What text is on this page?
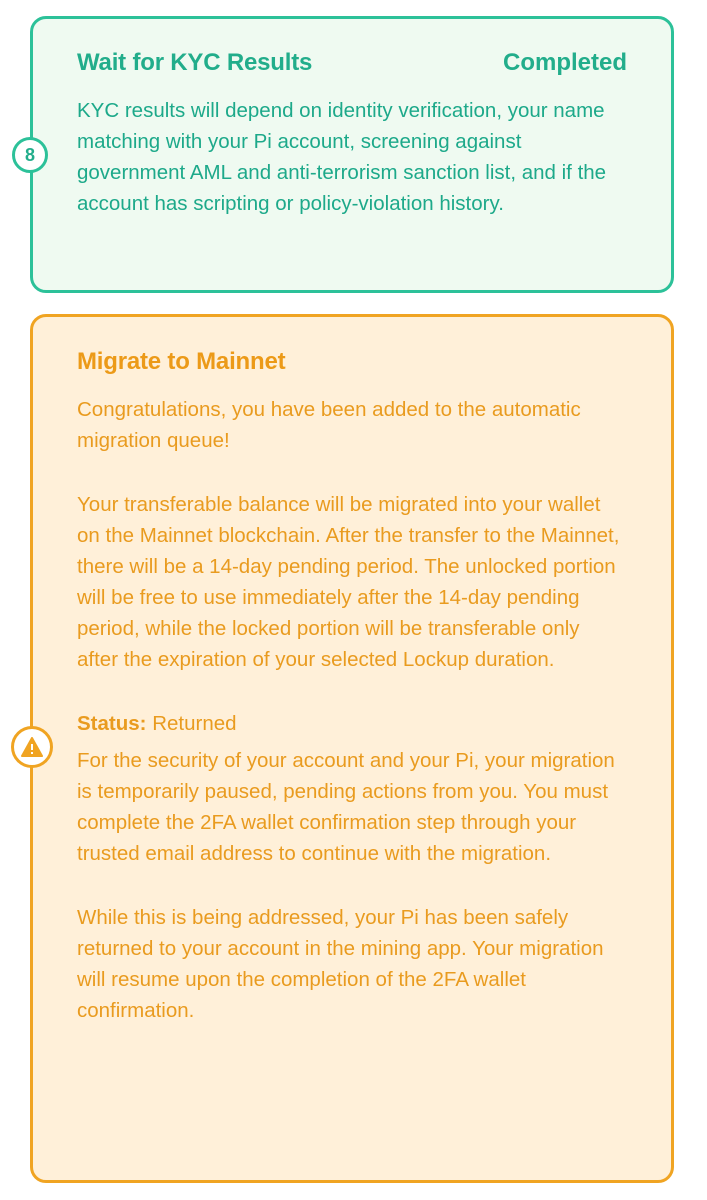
Wait for KYC Results	Completed

KYC results will depend on identity verification, your name matching with your Pi account, screening against government AML and anti-terrorism sanction list, and if the account has scripting or policy-violation history.

8
Migrate to Mainnet

Congratulations, you have been added to the automatic migration queue!

Your transferable balance will be migrated into your wallet on the Mainnet blockchain. After the transfer to the Mainnet, there will be a 14-day pending period. The unlocked portion will be free to use immediately after the 14-day pending period, while the locked portion will be transferable only after the expiration of your selected Lockup duration.

Status: Returned

For the security of your account and your Pi, your migration is temporarily paused, pending actions from you. You must complete the 2FA wallet confirmation step through your trusted email address to continue with the migration.

While this is being addressed, your Pi has been safely returned to your account in the mining app. Your migration will resume upon the completion of the 2FA wallet confirmation.
